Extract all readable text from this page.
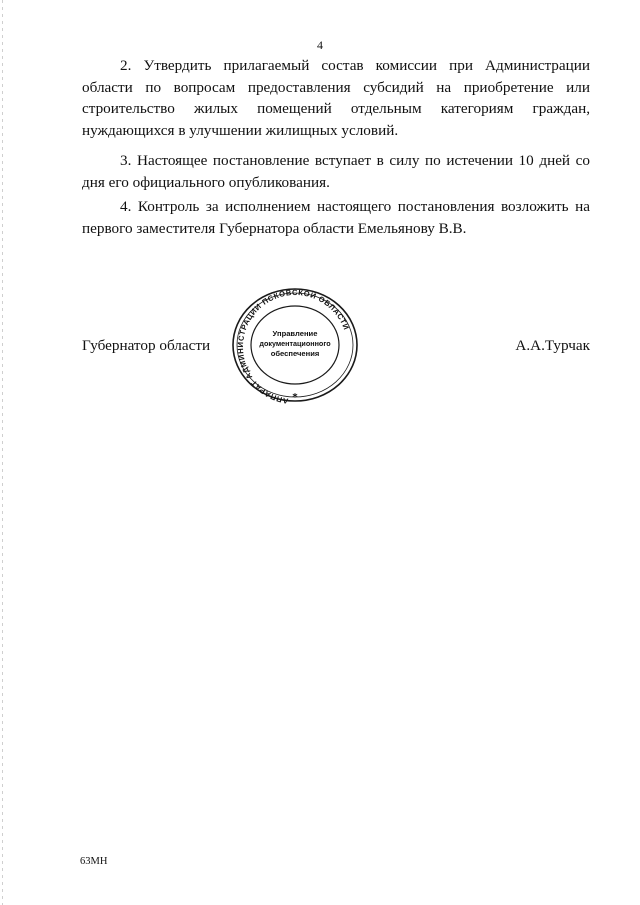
4

2. Утвердить прилагаемый состав комиссии при Администрации области по вопросам предоставления субсидий на приобретение или строительство жилых помещений отдельным категориям граждан, нуждающихся в улучшении жилищных условий.

3. Настоящее постановление вступает в силу по истечении 10 дней со дня его официального опубликования.

4. Контроль за исполнением настоящего постановления возложить на первого заместителя Губернатора области Емельянову В.В.

Губернатор области	А.А.Турчак
АППАРАТ АДМИНИСТРАЦИИ ПСКОВСКОЙ ОБЛАСТИ
Управление
документационного
обеспечения
*
63МН
